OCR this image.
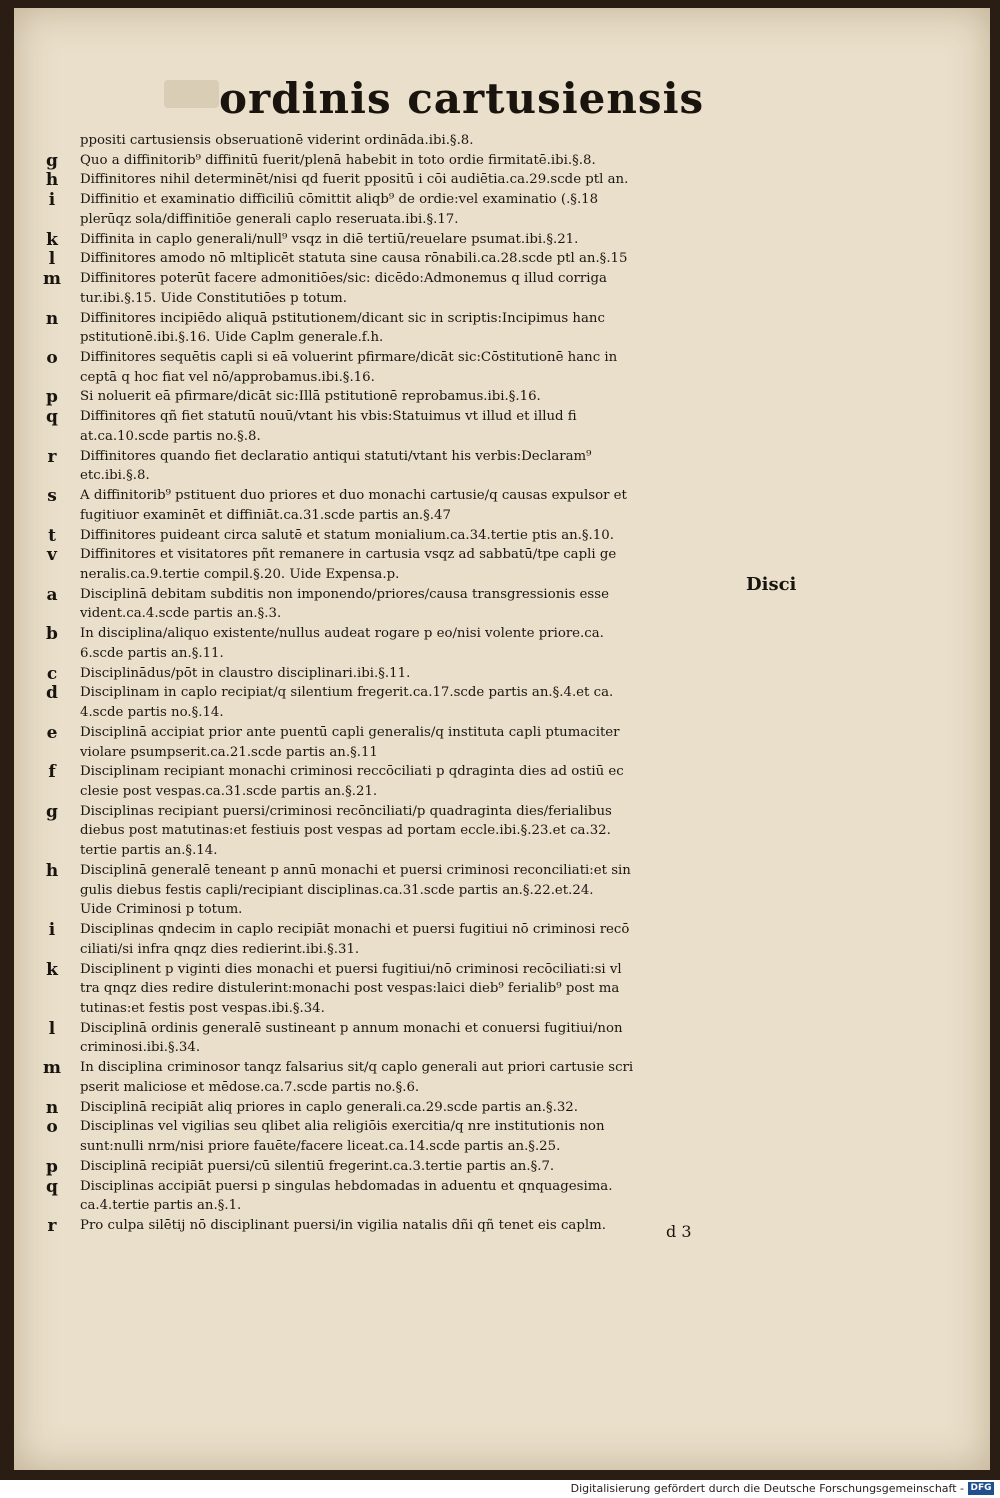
ordinis cartusiensis
ppositi cartusiensis obseruationē viderint ordināda.ibi.§.8.
g	Quo a diffinitorib⁹ diffinitū fuerit/plenā habebit in toto ordie firmitatē.ibi.§.8.
h	Diffinitores nihil determinēt/nisi qd fuerit ppositū i cōi audiētia.ca.29.scde ptl an.
i	Diffinitio et examinatio difficiliū cōmittit aliqb⁹ de ordie:vel examinatio (.§.18
plerūqz sola/diffinitiōe generali caplo reseruata.ibi.§.17.
k	Diffinita in caplo generali/null⁹ vsqz in diē tertiū/reuelare psumat.ibi.§.21.
l	Diffinitores amodo nō mltiplicēt statuta sine causa rōnabili.ca.28.scde ptl an.§.15
m Diffinitores poterūt facere admonitiōes/sic: dicēdo:Admonemus q illud corriga
tur.ibi.§.15. Uide Constitutiōes p totum.
n	Diffinitores incipiēdo aliquā pstitutionem/dicant sic in scriptis:Incipimus hanc
pstitutionē.ibi.§.16. Uide Caplm generale.f.h.
o	Diffinitores sequētis capli si eā voluerint pfirmare/dicāt sic:Cōstitutionē hanc in
ceptā q hoc fiat vel nō/approbamus.ibi.§.16.
p	Si noluerit eā pfirmare/dicāt sic:Illā pstitutionē reprobamus.ibi.§.16.
q	Diffinitores qñ fiet statutū nouū/vtant his vbis:Statuimus vt illud et illud fi
at.ca.10.scde partis no.§.8.
r	Diffinitores quando fiet declaratio antiqui statuti/vtant his verbis:Declaram⁹
etc.ibi.§.8.
s	A diffinitorib⁹ pstituent duo priores et duo monachi cartusie/q causas expulsor et
fugitiuor examinēt et diffiniāt.ca.31.scde partis an.§.47
t	Diffinitores puideant circa salutē et statum monialium.ca.34.tertie ptis an.§.10.
v	Diffinitores et visitatores pñt remanere in cartusia vsqz ad sabbatū/tpe capli ge
neralis.ca.9.tertie compil.§.20. Uide Expensa.p.
a	Disciplinā debitam subditis non imponendo/priores/causa transgressionis esse
vident.ca.4.scde partis an.§.3.
b	In disciplina/aliquo existente/nullus audeat rogare p eo/nisi volente priore.ca.
6.scde partis an.§.11.
c	Disciplinādus/pōt in claustro disciplinari.ibi.§.11.
d	Disciplinam in caplo recipiat/q silentium fregerit.ca.17.scde partis an.§.4.et ca.
4.scde partis no.§.14.
e	Disciplinā accipiat prior ante puentū capli generalis/q instituta capli ptumaciter
violare psumpserit.ca.21.scde partis an.§.11
f	Disciplinam recipiant monachi criminosi reccōciliati p qdraginta dies ad ostiū ec
clesie post vespas.ca.31.scde partis an.§.21.
g	Disciplinas recipiant puersi/criminosi recōnciliati/p quadraginta dies/ferialibus
diebus post matutinas:et festiuis post vespas ad portam eccle.ibi.§.23.et ca.32.
tertie partis an.§.14.
h	Disciplinā generalē teneant p annū monachi et puersi criminosi reconciliati:et sin
gulis diebus festis capli/recipiant disciplinas.ca.31.scde partis an.§.22.et.24.
Uide Criminosi p totum.
i	Disciplinas qndecim in caplo recipiāt monachi et puersi fugitiui nō criminosi recō
ciliati/si infra qnqz dies redierint.ibi.§.31.
k	Disciplinent p viginti dies monachi et puersi fugitiui/nō criminosi recōciliati:si vl
tra qnqz dies redire distulerint:monachi post vespas:laici dieb⁹ ferialib⁹ post ma
tutinas:et festis post vespas.ibi.§.34.
l	Disciplinā ordinis generalē sustineant p annum monachi et conuersi fugitiui/non
criminosi.ibi.§.34.
m In disciplina criminosor tanqz falsarius sit/q caplo generali aut priori cartusie scri
pserit maliciose et mēdose.ca.7.scde partis no.§.6.
n	Disciplinā recipiāt aliq priores in caplo generali.ca.29.scde partis an.§.32.
o	Disciplinas vel vigilias seu qlibet alia religiōis exercitia/q nre institutionis non
sunt:nulli nrm/nisi priore fauēte/facere liceat.ca.14.scde partis an.§.25.
p	Disciplinā recipiāt puersi/cū silentiū fregerint.ca.3.tertie partis an.§.7.
q	Disciplinas accipiāt puersi p singulas hebdomadas in aduentu et qnquagesima.
ca.4.tertie partis an.§.1.
r	Pro culpa silētij nō disciplinant puersi/in vigilia natalis dñi qñ tenet eis caplm.
Disci
d 3
Digitalisierung gefördert durch die Deutsche Forschungsgemeinschaft - DFG
